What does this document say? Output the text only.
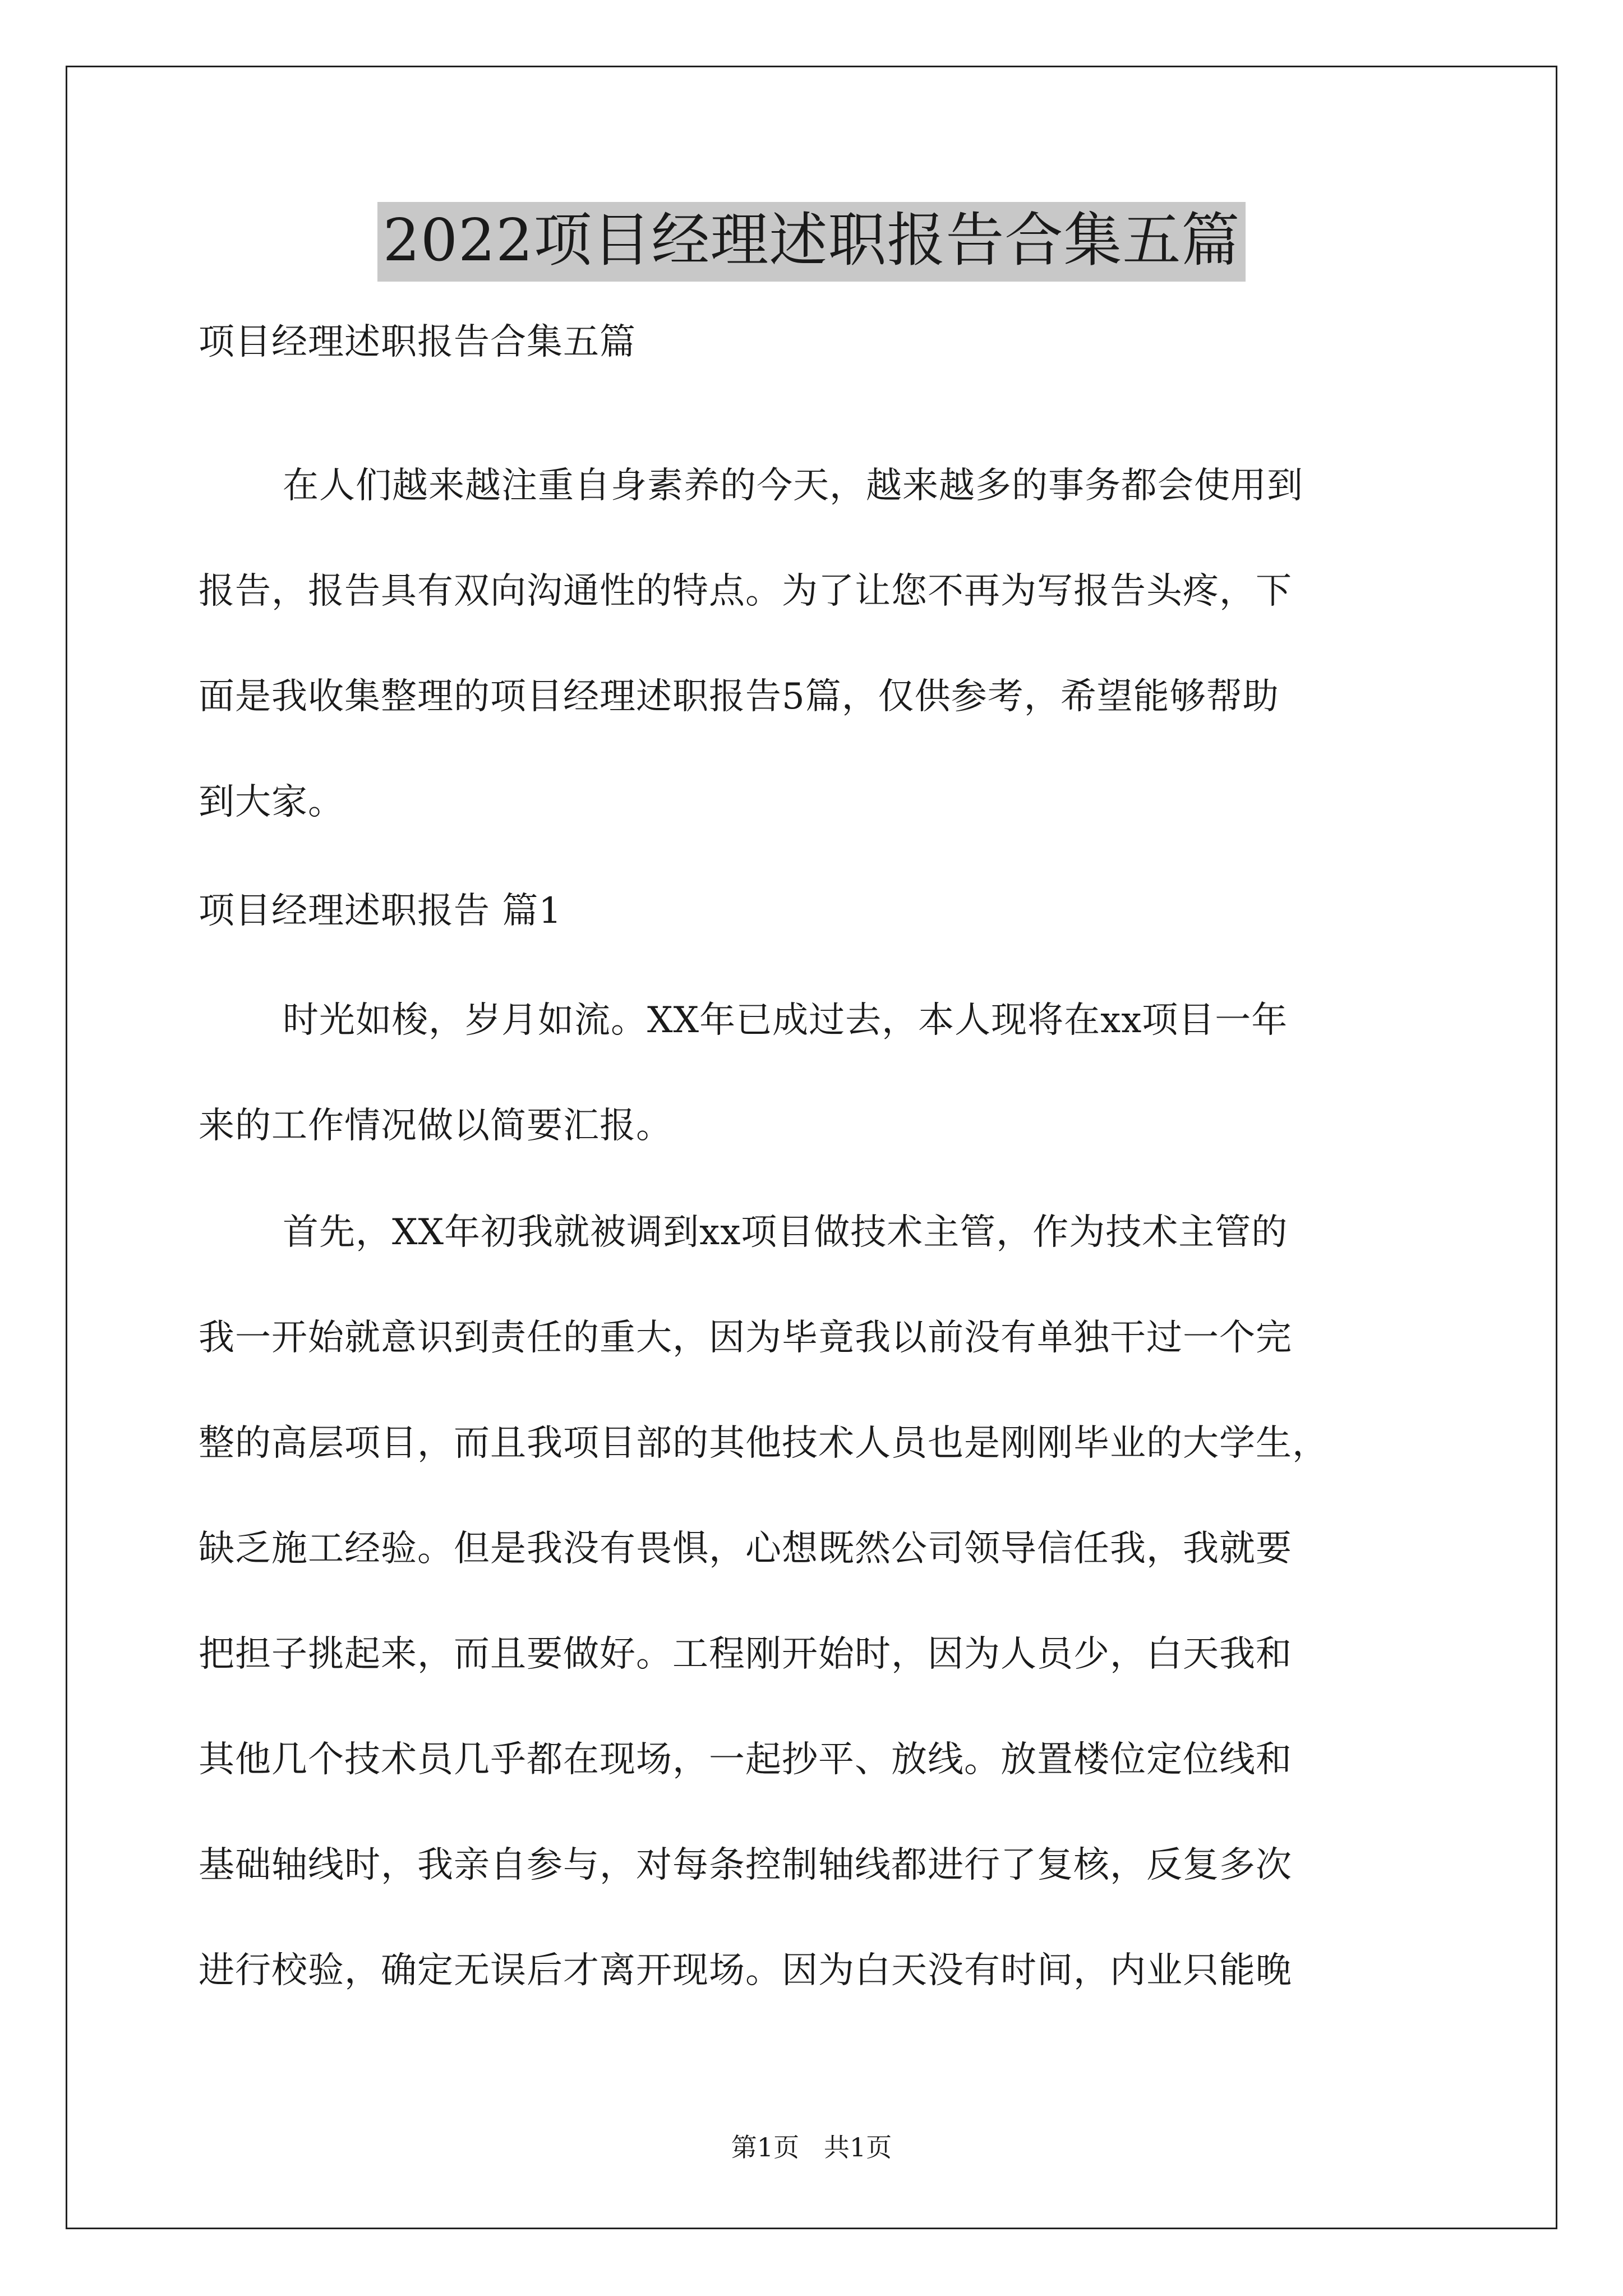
2022项目经理述职报告合集五篇
项目经理述职报告合集五篇
在人们越来越注重自身素养的今天，越来越多的事务都会使用到
报告，报告具有双向沟通性的特点。为了让您不再为写报告头疼，下
面是我收集整理的项目经理述职报告5篇，仅供参考，希望能够帮助
到大家。
项目经理述职报告 篇1
时光如梭，岁月如流。XX年已成过去，本人现将在xx项目一年
来的工作情况做以简要汇报。
首先，XX年初我就被调到xx项目做技术主管，作为技术主管的
我一开始就意识到责任的重大，因为毕竟我以前没有单独干过一个完
整的高层项目，而且我项目部的其他技术人员也是刚刚毕业的大学生，
缺乏施工经验。但是我没有畏惧，心想既然公司领导信任我，我就要
把担子挑起来，而且要做好。工程刚开始时，因为人员少，白天我和
其他几个技术员几乎都在现场，一起抄平、放线。放置楼位定位线和
基础轴线时，我亲自参与，对每条控制轴线都进行了复核，反复多次
进行校验，确定无误后才离开现场。因为白天没有时间，内业只能晚
第1页   共1页
